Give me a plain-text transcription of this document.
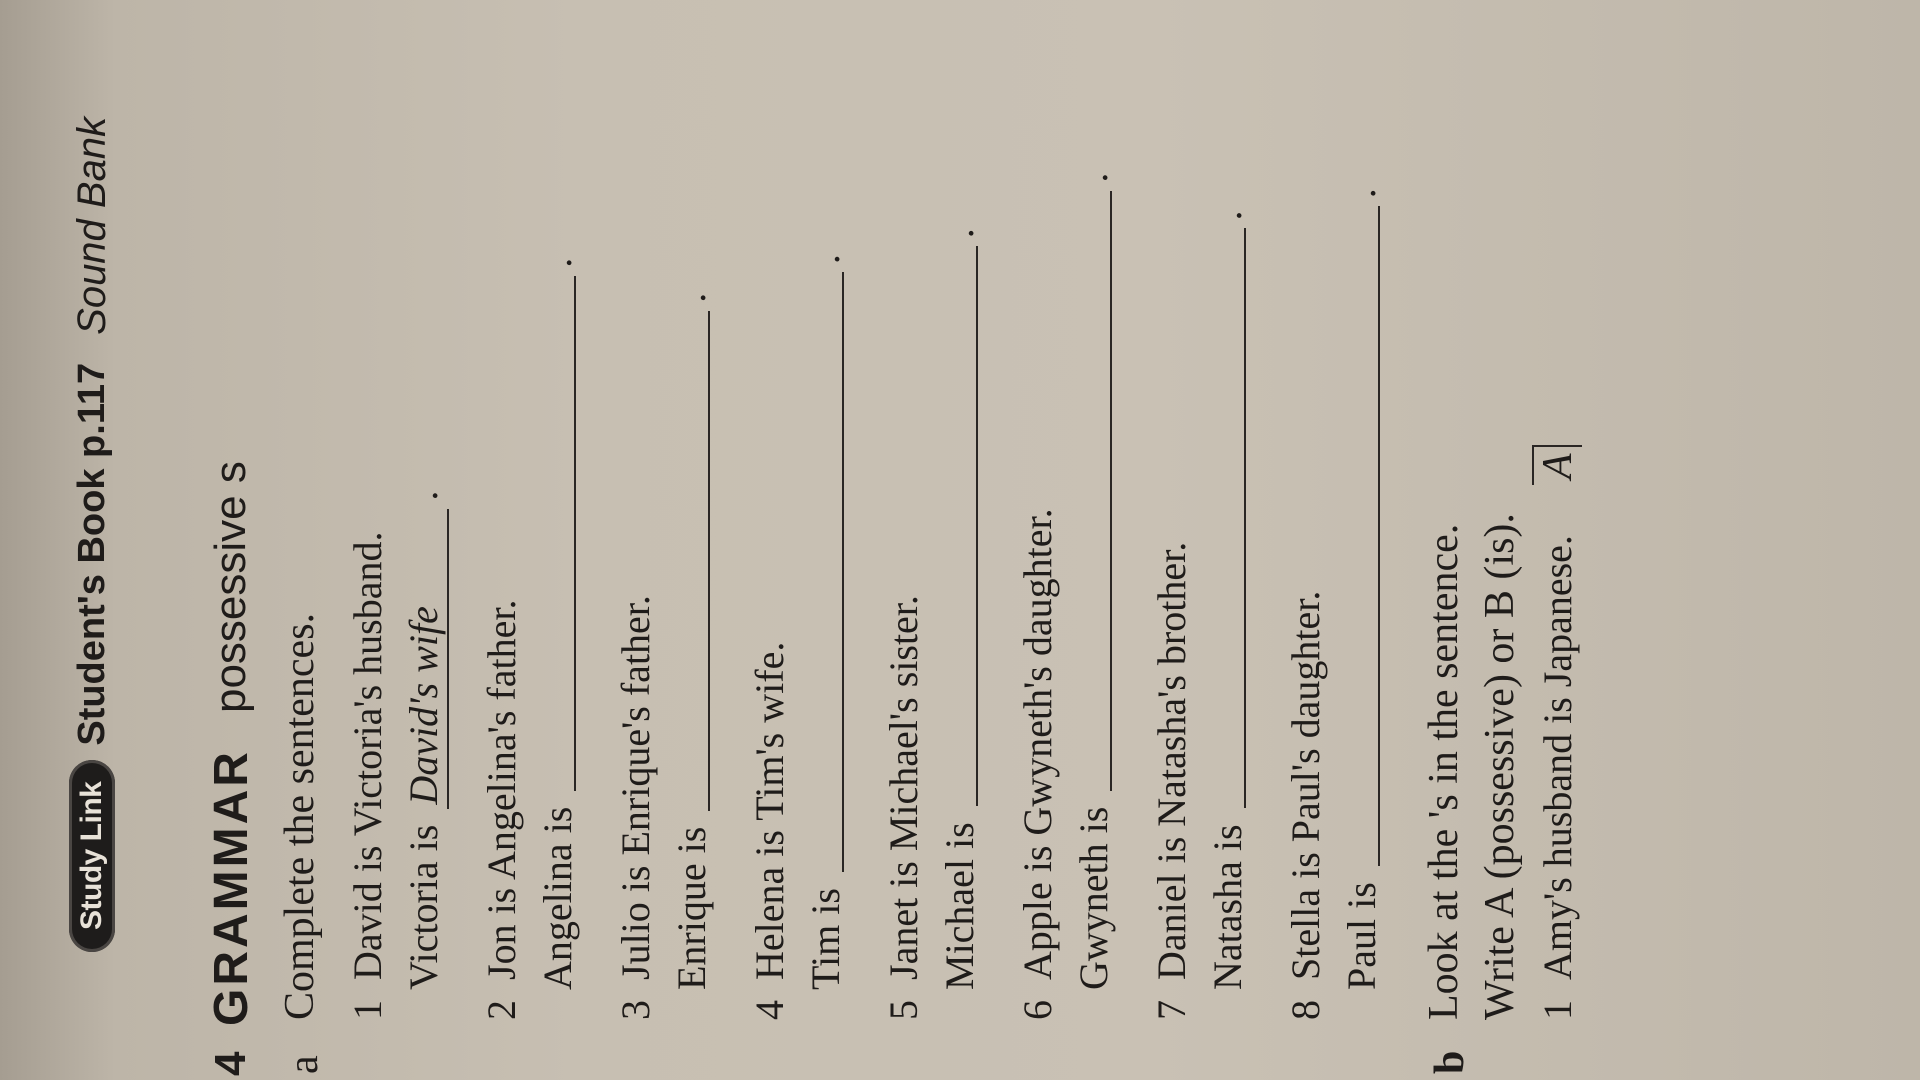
Study Link
Student's Book p.117
Sound Bank
4
GRAMMAR
possessive s
a
Complete the sentences. 1 David is Victoria's husband. Victoria is David's wife.
2 Jon is Angelina's father. Angelina is .
3 Julio is Enrique's father. Enrique is .
4 Helena is Tim's wife. Tim is .
5 Janet is Michael's sister. Michael is .
6 Apple is Gwyneth's daughter. Gwyneth is .
7 Daniel is Natasha's brother. Natasha is .
8 Stella is Paul's daughter. Paul is .
b
Look at the 's in the sentence. Write A (possessive) or B (is). 1 Amy's husband is Japanese. A
